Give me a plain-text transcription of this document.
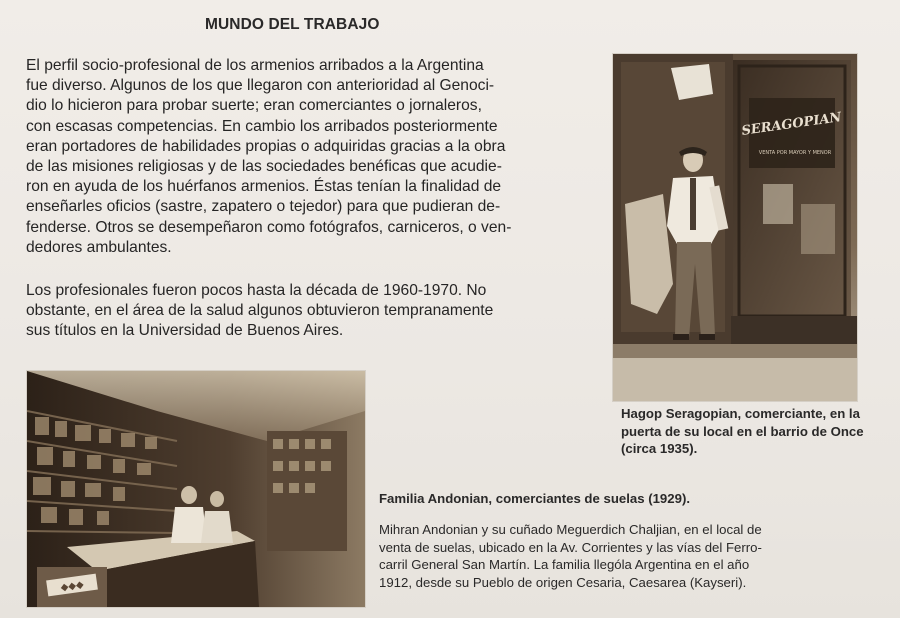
MUNDO DEL TRABAJO

El perfil socio-profesional de los armenios arribados a la Argentina
fue diverso. Algunos de los que llegaron con anterioridad al Genoci-
dio lo hicieron para probar suerte; eran comerciantes o jornaleros,
con escasas competencias. En cambio los arribados posteriormente
eran portadores de habilidades propias o adquiridas gracias a la obra
de las misiones religiosas y de las sociedades benéficas que acudie-
ron en ayuda de los huérfanos armenios. Éstas tenían la finalidad de
enseñarles oficios (sastre, zapatero o tejedor) para que pudieran de-
fenderse. Otros se desempeñaron como fotógrafos, carniceros, o ven-
dedores ambulantes.

Los profesionales fueron pocos hasta la década de 1960-1970. No
obstante, en el área de la salud algunos obtuvieron tempranamente
sus títulos en la Universidad de Buenos Aires.

SERAGOPIAN
VENTA POR MAYOR Y MENOR
Hagop Seragopian, comerciante, en la
puerta de su local en el barrio de Once
(circa 1935).
◆◆◆
Familia Andonian, comerciantes de suelas (1929).
Mihran Andonian y su cuñado Meguerdich Chaljian, en el local de
venta de suelas, ubicado en la Av. Corrientes y las vías del Ferro-
carril General San Martín. La familia llególa Argentina en el año
1912, desde su Pueblo de origen Cesaria, Caesarea (Kayseri).
